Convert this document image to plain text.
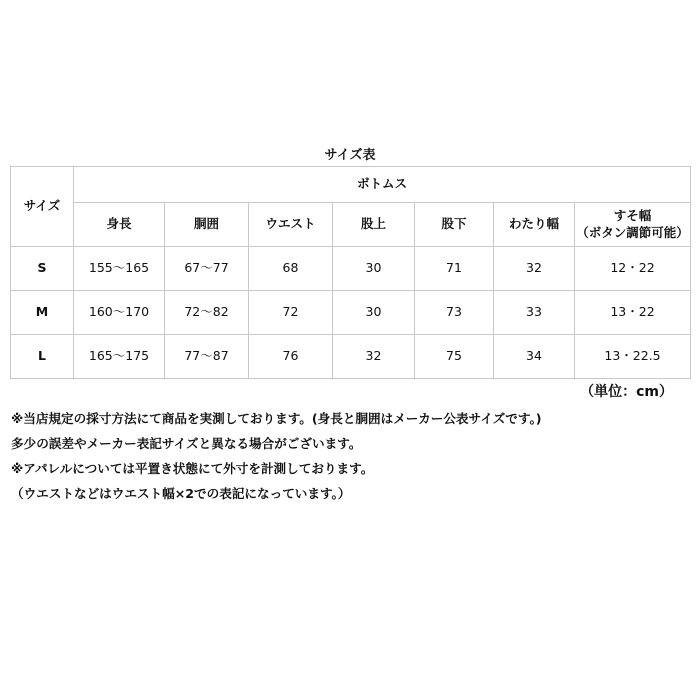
サイズ表
サイズ	ボトムス						
	身長	胴囲	ウエスト	股上	股下	わたり幅	すそ幅
（ボタン調節可能）

S	155〜165	67〜77	68	30	71	32	12・22
M	160〜170	72〜82	72	30	73	33	13・22
L	165〜175	77〜87	76	32	75	34	13・22.5
（単位：cm）
※当店規定の採寸方法にて商品を実測しております。(身長と胴囲はメーカー公表サイズです。)
多少の誤差やメーカー表記サイズと異なる場合がございます。
※アパレルについては平置き状態にて外寸を計測しております。
（ウエストなどはウエスト幅×2での表記になっています。）
